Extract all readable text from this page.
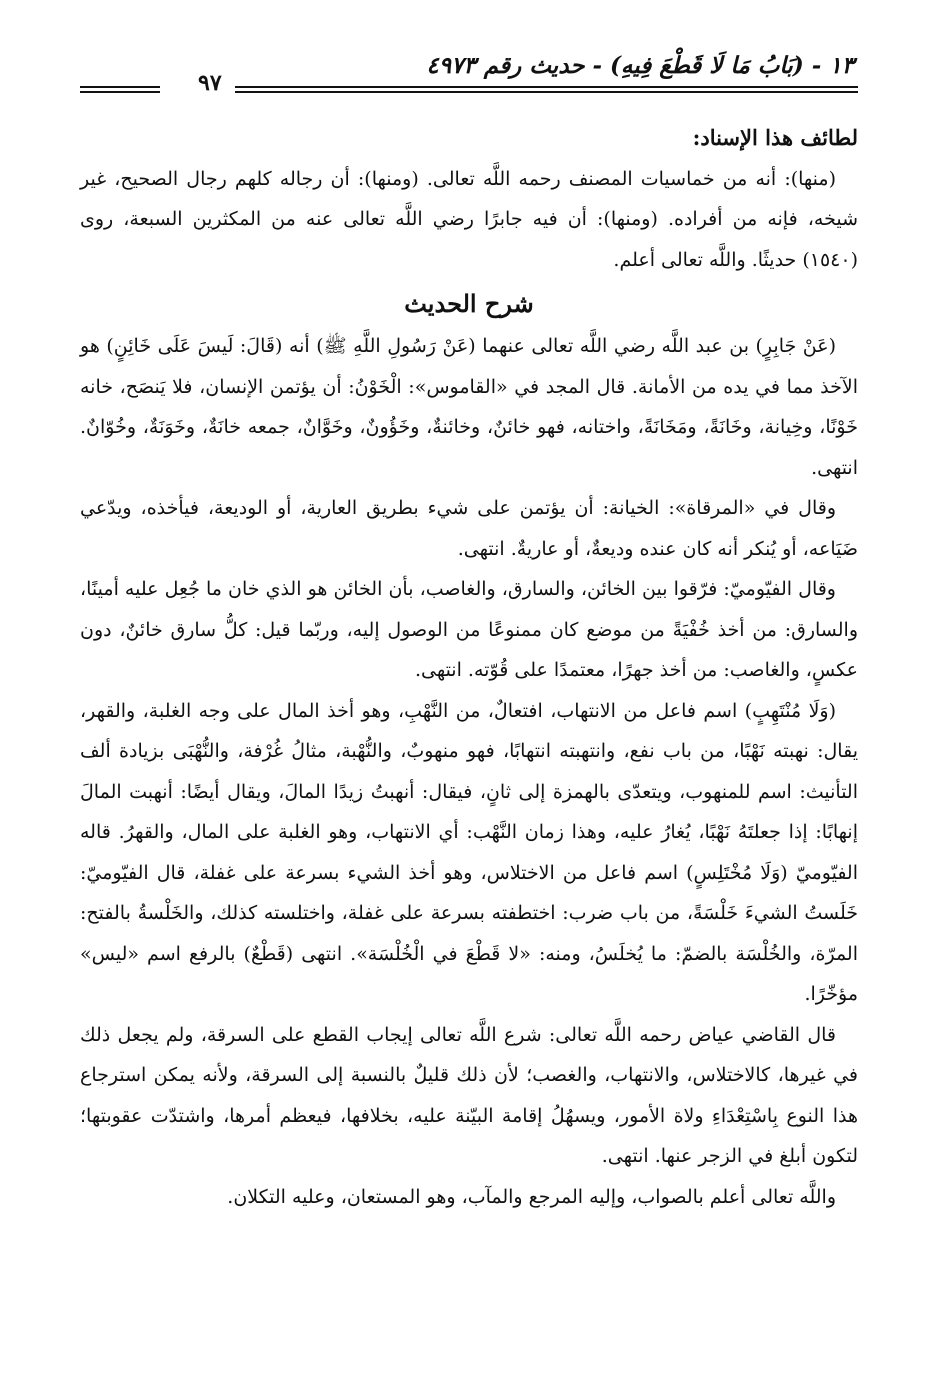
١٣ - (بَابُ مَا لَا قَطْعَ فِيهِ) - حديث رقم ٤٩٧٣
٩٧
لطائف هذا الإسناد:

(منها): أنه من خماسيات المصنف رحمه اللَّه تعالى. (ومنها): أن رجاله كلهم رجال الصحيح، غير شيخه، فإنه من أفراده. (ومنها): أن فيه جابرًا رضي اللَّه تعالى عنه من المكثرين السبعة، روى (١٥٤٠) حديثًا. واللَّه تعالى أعلم.

شرح الحديث

(عَنْ جَابِرٍ) بن عبد اللَّه رضي اللَّه تعالى عنهما (عَنْ رَسُولِ اللَّهِ ﷺ) أنه (قَالَ: لَيسَ عَلَى خَائِنٍ) هو الآخذ مما في يده من الأمانة. قال المجد في «القاموس»: الْخَوْنُ: أن يؤتمن الإنسان، فلا يَنصَح، خانه خَوْنًا، وخِيانة، وخَانَةً، ومَخَانَةً، واختانه، فهو خائنٌ، وخائنةٌ، وخَؤُونٌ، وخَوَّانٌ، جمعه خانَةٌ، وخَوَنَةٌ، وخُوّانٌ. انتهى.

وقال في «المرقاة»: الخيانة: أن يؤتمن على شيء بطريق العارية، أو الوديعة، فيأخذه، ويدّعي ضَيَاعه، أو يُنكر أنه كان عنده وديعةٌ، أو عاريةٌ. انتهى.

وقال الفيّوميّ: فرّقوا بين الخائن، والسارق، والغاصب، بأن الخائن هو الذي خان ما جُعِل عليه أمينًا، والسارق: من أخذ خُفْيَةً من موضع كان ممنوعًا من الوصول إليه، وربّما قيل: كلُّ سارق خائنٌ، دون عكسٍ، والغاصب: من أخذ جهرًا، معتمدًا على قُوّته. انتهى.

(وَلَا مُنْتَهِبٍ) اسم فاعل من الانتهاب، افتعالٌ، من النَّهْبِ، وهو أخذ المال على وجه الغلبة، والقهر، يقال: نهبته نَهْبًا، من باب نفع، وانتهبته انتهابًا، فهو منهوبٌ، والنُّهْبة، مثالُ غُرْفة، والنُّهْبَى بزيادة ألف التأنيث: اسم للمنهوب، ويتعدّى بالهمزة إلى ثانٍ، فيقال: أنهبتُ زيدًا المالَ، ويقال أيضًا: أنهبت المالَ إنهابًا: إذا جعلتَهُ نَهْبًا، يُغارُ عليه، وهذا زمان النَّهْب: أي الانتهاب، وهو الغلبة على المال، والقهرُ. قاله الفيّوميّ (وَلَا مُخْتَلِسٍ) اسم فاعل من الاختلاس، وهو أخذ الشيء بسرعة على غفلة، قال الفيّوميّ: خَلَستُ الشيءَ خَلْسَةً، من باب ضرب: اختطفته بسرعة على غفلة، واختلسته كذلك، والخَلْسةُ بالفتح: المرّة، والخُلْسَة بالضمّ: ما يُخلَسُ، ومنه: «لا قَطْعَ في الْخُلْسَة». انتهى (قَطْعٌ) بالرفع اسم «ليس» مؤخّرًا.

قال القاضي عياض رحمه اللَّه تعالى: شرع اللَّه تعالى إيجاب القطع على السرقة، ولم يجعل ذلك في غيرها، كالاختلاس، والانتهاب، والغصب؛ لأن ذلك قليلٌ بالنسبة إلى السرقة، ولأنه يمكن استرجاع هذا النوع بِاسْتِعْدَاءِ ولاة الأمور، ويسهُلُ إقامة البيّنة عليه، بخلافها، فيعظم أمرها، واشتدّت عقوبتها؛ لتكون أبلغ في الزجر عنها. انتهى.

واللَّه تعالى أعلم بالصواب، وإليه المرجع والمآب، وهو المستعان، وعليه التكلان.
